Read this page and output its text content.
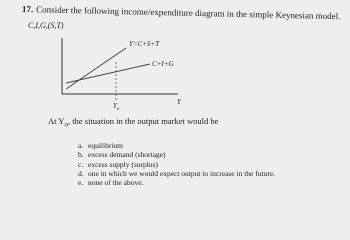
17. Consider the following income/expenditure diagram in the simple Keynesian model.
C,I,G,(S,T)
Y=C+S+T
C+I+G
Y
$Y_o$
At $Y_o$, the situation in the output market would be
a. equilibrium
b. excess demand (shortage)
c. excess supply (surplus)
d. one in which we would expect output to increase in the future.
e. none of the above.
